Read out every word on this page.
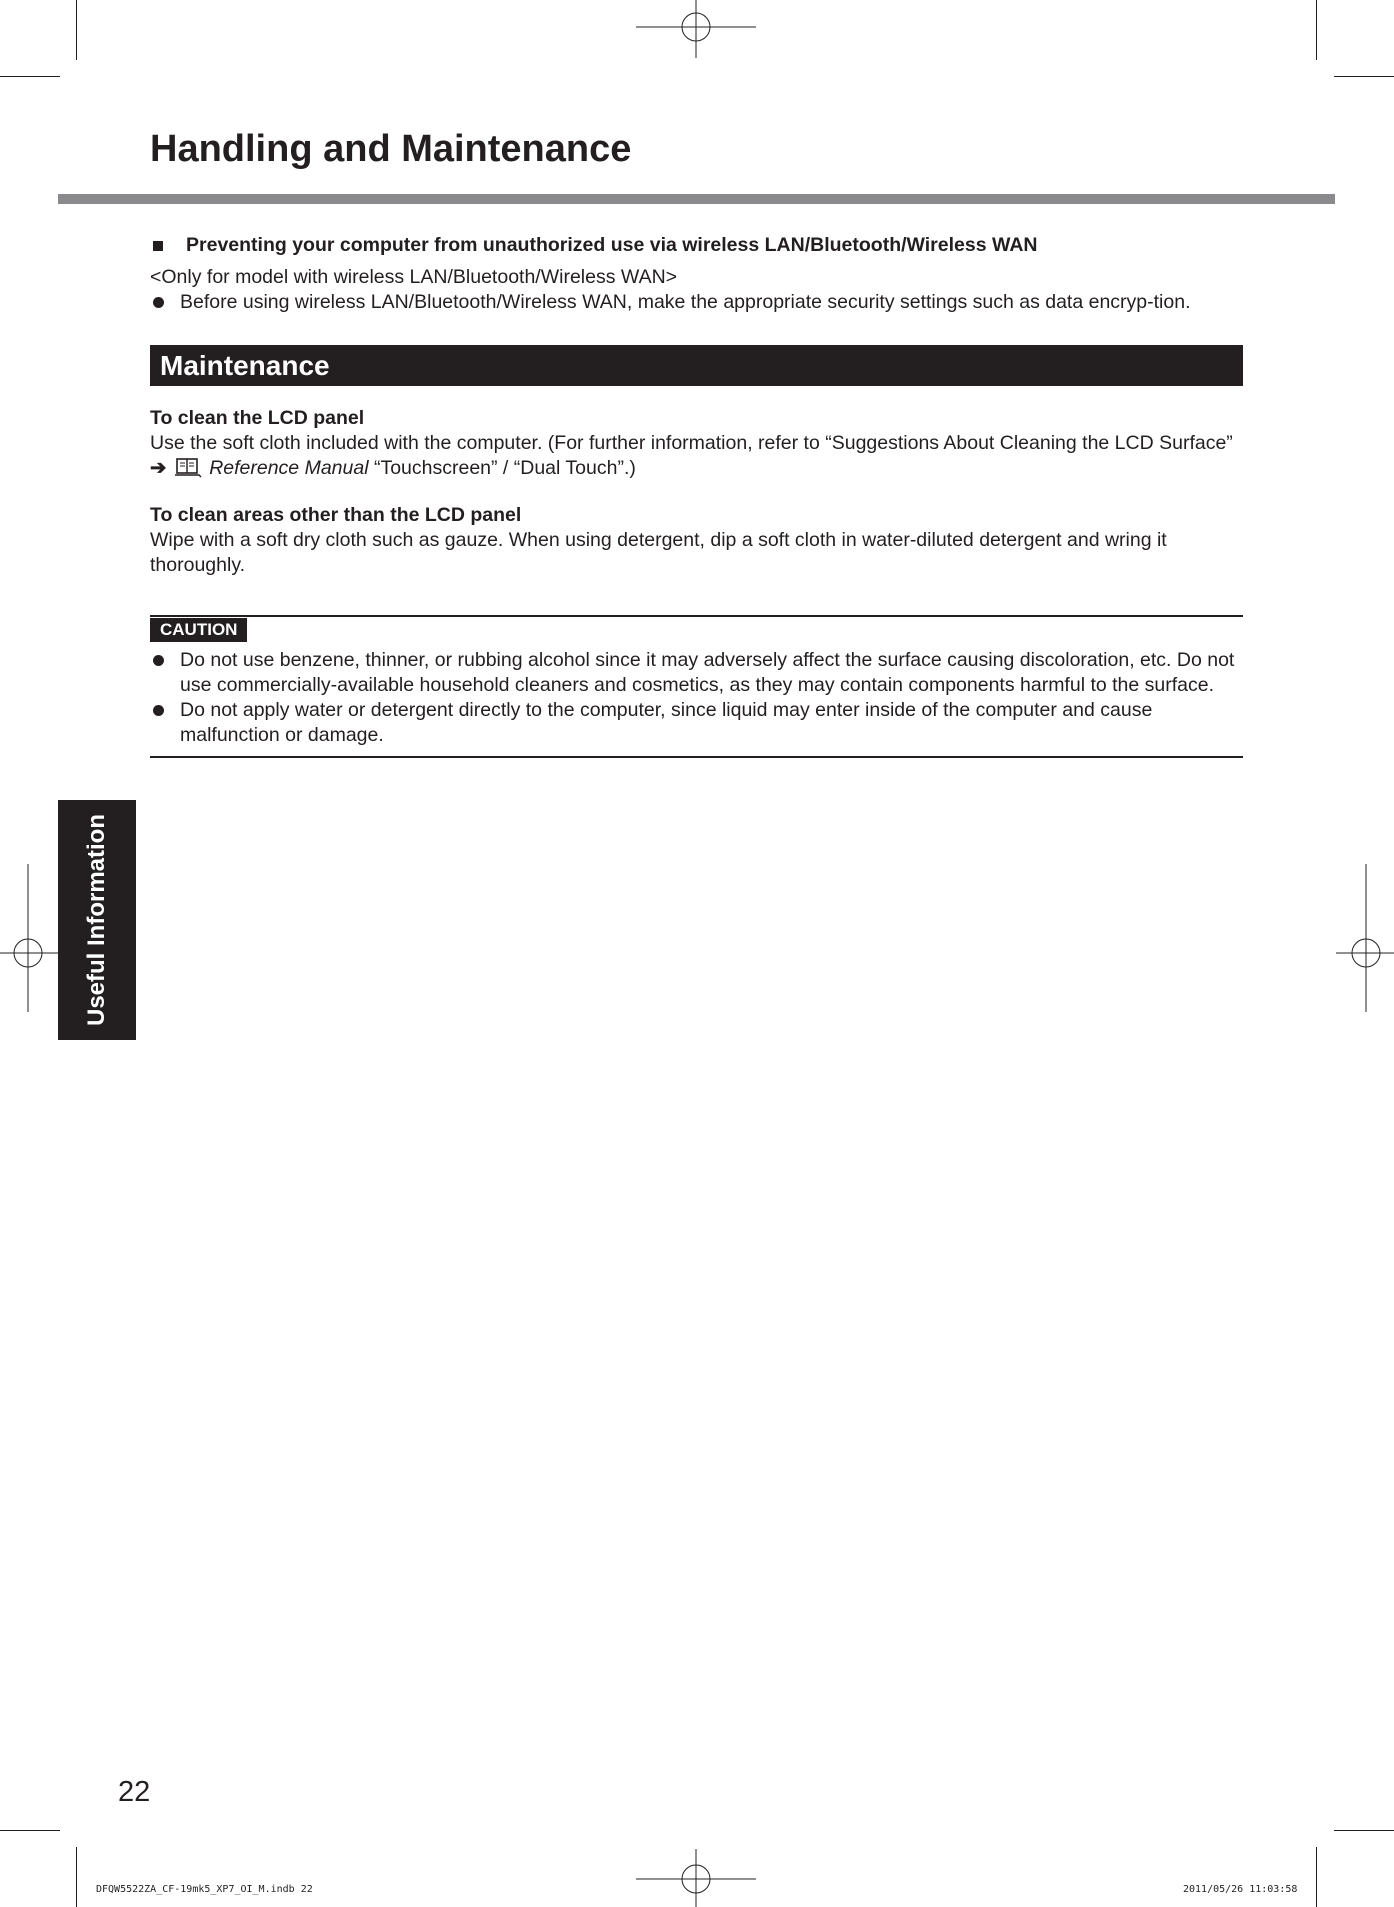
Handling and Maintenance
Useful Information

Preventing your computer from unauthorized use via wireless LAN/Bluetooth/Wireless WAN

<Only for model with wireless LAN/Bluetooth/Wireless WAN>

Before using wireless LAN/Bluetooth/Wireless WAN, make the appropriate security settings such as data encryp-tion.
Maintenance

To clean the LCD panel

Use the soft cloth included with the computer. (For further information, refer to “Suggestions About Cleaning the LCD Surface” ➔ Reference Manual “Touchscreen” / “Dual Touch”.)

To clean areas other than the LCD panel

Wipe with a soft dry cloth such as gauze. When using detergent, dip a soft cloth in water-diluted detergent and wring it thoroughly.

CAUTION
Do not use benzene, thinner, or rubbing alcohol since it may adversely affect the surface causing discoloration, etc. Do not use commercially-available household cleaners and cosmetics, as they may contain components harmful to the surface.
Do not apply water or detergent directly to the computer, since liquid may enter inside of the computer and cause malfunction or damage.
22
DFQW5522ZA_CF-19mk5_XP7_OI_M.indb 22	2011/05/26 11:03:58
